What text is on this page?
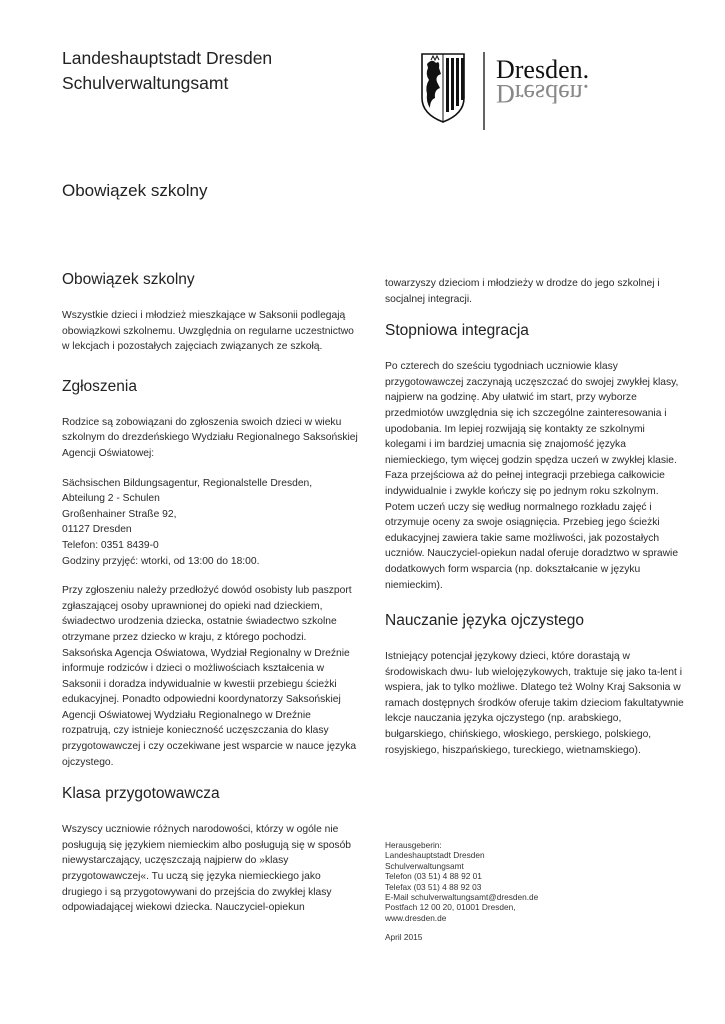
Landeshauptstadt Dresden
Schulverwaltungsamt	Dresden.
Dresden.
Obowiązek szkolny
Obowiązek szkolny

Wszystkie dzieci i młodzież mieszkające w Saksonii podlegają obowiązkowi szkolnemu. Uwzględnia on regularne uczestnictwo w lekcjach i pozostałych zajęciach związanych ze szkołą.

Zgłoszenia

Rodzice są zobowiązani do zgłoszenia swoich dzieci w wieku szkolnym do drezdeńskiego Wydziału Regionalnego Saksońskiej Agencji Oświatowej:

Sächsischen Bildungsagentur, Regionalstelle Dresden,
Abteilung 2 - Schulen
Großenhainer Straße 92,
01127 Dresden
Telefon: 0351 8439-0
Godziny przyjęć: wtorki, od 13:00 do 18:00.

Przy zgłoszeniu należy przedłożyć dowód osobisty lub paszport zgłaszającej osoby uprawnionej do opieki nad dzieckiem, świadectwo urodzenia dziecka, ostatnie świadectwo szkolne otrzymane przez dziecko w kraju, z którego pochodzi.

Saksońska Agencja Oświatowa, Wydział Regionalny w Dreźnie informuje rodziców i dzieci o możliwościach kształcenia w Saksonii i doradza indywidualnie w kwestii przebiegu ścieżki edukacyjnej. Ponadto odpowiedni koordynatorzy Saksońskiej Agencji Oświatowej Wydziału Regionalnego w Dreźnie rozpatrują, czy istnieje konieczność uczęszczania do klasy przygotowawczej i czy oczekiwane jest wsparcie w nauce języka ojczystego.

Klasa przygotowawcza

Wszyscy uczniowie różnych narodowości, którzy w ogóle nie posługują się językiem niemieckim albo posługują się w sposób niewystarczający, uczęszczają najpierw do »klasy przygotowawczej«. Tu uczą się języka niemieckiego jako drugiego i są przygotowywani do przejścia do zwykłej klasy odpowiadającej wiekowi dziecka. Nauczyciel-opiekun

towarzyszy dzieciom i młodzieży w drodze do jego szkolnej i socjalnej integracji.

Stopniowa integracja

Po czterech do sześciu tygodniach uczniowie klasy przygotowawczej zaczynają uczęszczać do swojej zwykłej klasy, najpierw na godzinę. Aby ułatwić im start, przy wyborze przedmiotów uwzględnia się ich szczególne zainteresowania i upodobania. Im lepiej rozwijają się kontakty ze szkolnymi kolegami i im bardziej umacnia się znajomość języka niemieckiego, tym więcej godzin spędza uczeń w zwykłej klasie. Faza przejściowa aż do pełnej integracji przebiega całkowicie indywidualnie i zwykle kończy się po jednym roku szkolnym. Potem uczeń uczy się według normalnego rozkładu zajęć i otrzymuje oceny za swoje osiągnięcia. Przebieg jego ścieżki edukacyjnej zawiera takie same możliwości, jak pozostałych uczniów. Nauczyciel-opiekun nadal oferuje doradztwo w sprawie dodatkowych form wsparcia (np. dokształcanie w języku niemieckim).

Nauczanie języka ojczystego

Istniejący potencjał językowy dzieci, które dorastają w środowiskach dwu- lub wielojęzykowych, traktuje się jako ta-lent i wspiera, jak to tylko możliwe. Dlatego też Wolny Kraj Saksonia w ramach dostępnych środków oferuje takim dzieciom fakultatywnie lekcje nauczania języka ojczystego (np. arabskiego, bułgarskiego, chińskiego, włoskiego, perskiego, polskiego, rosyjskiego, hiszpańskiego, tureckiego, wietnamskiego).

Herausgeberin:
Landeshauptstadt Dresden
Schulverwaltungsamt
Telefon (03 51) 4 88 92 01
Telefax (03 51) 4 88 92 03
E-Mail schulverwaltungsamt@dresden.de
Postfach 12 00 20, 01001 Dresden,
www.dresden.de
April 2015
